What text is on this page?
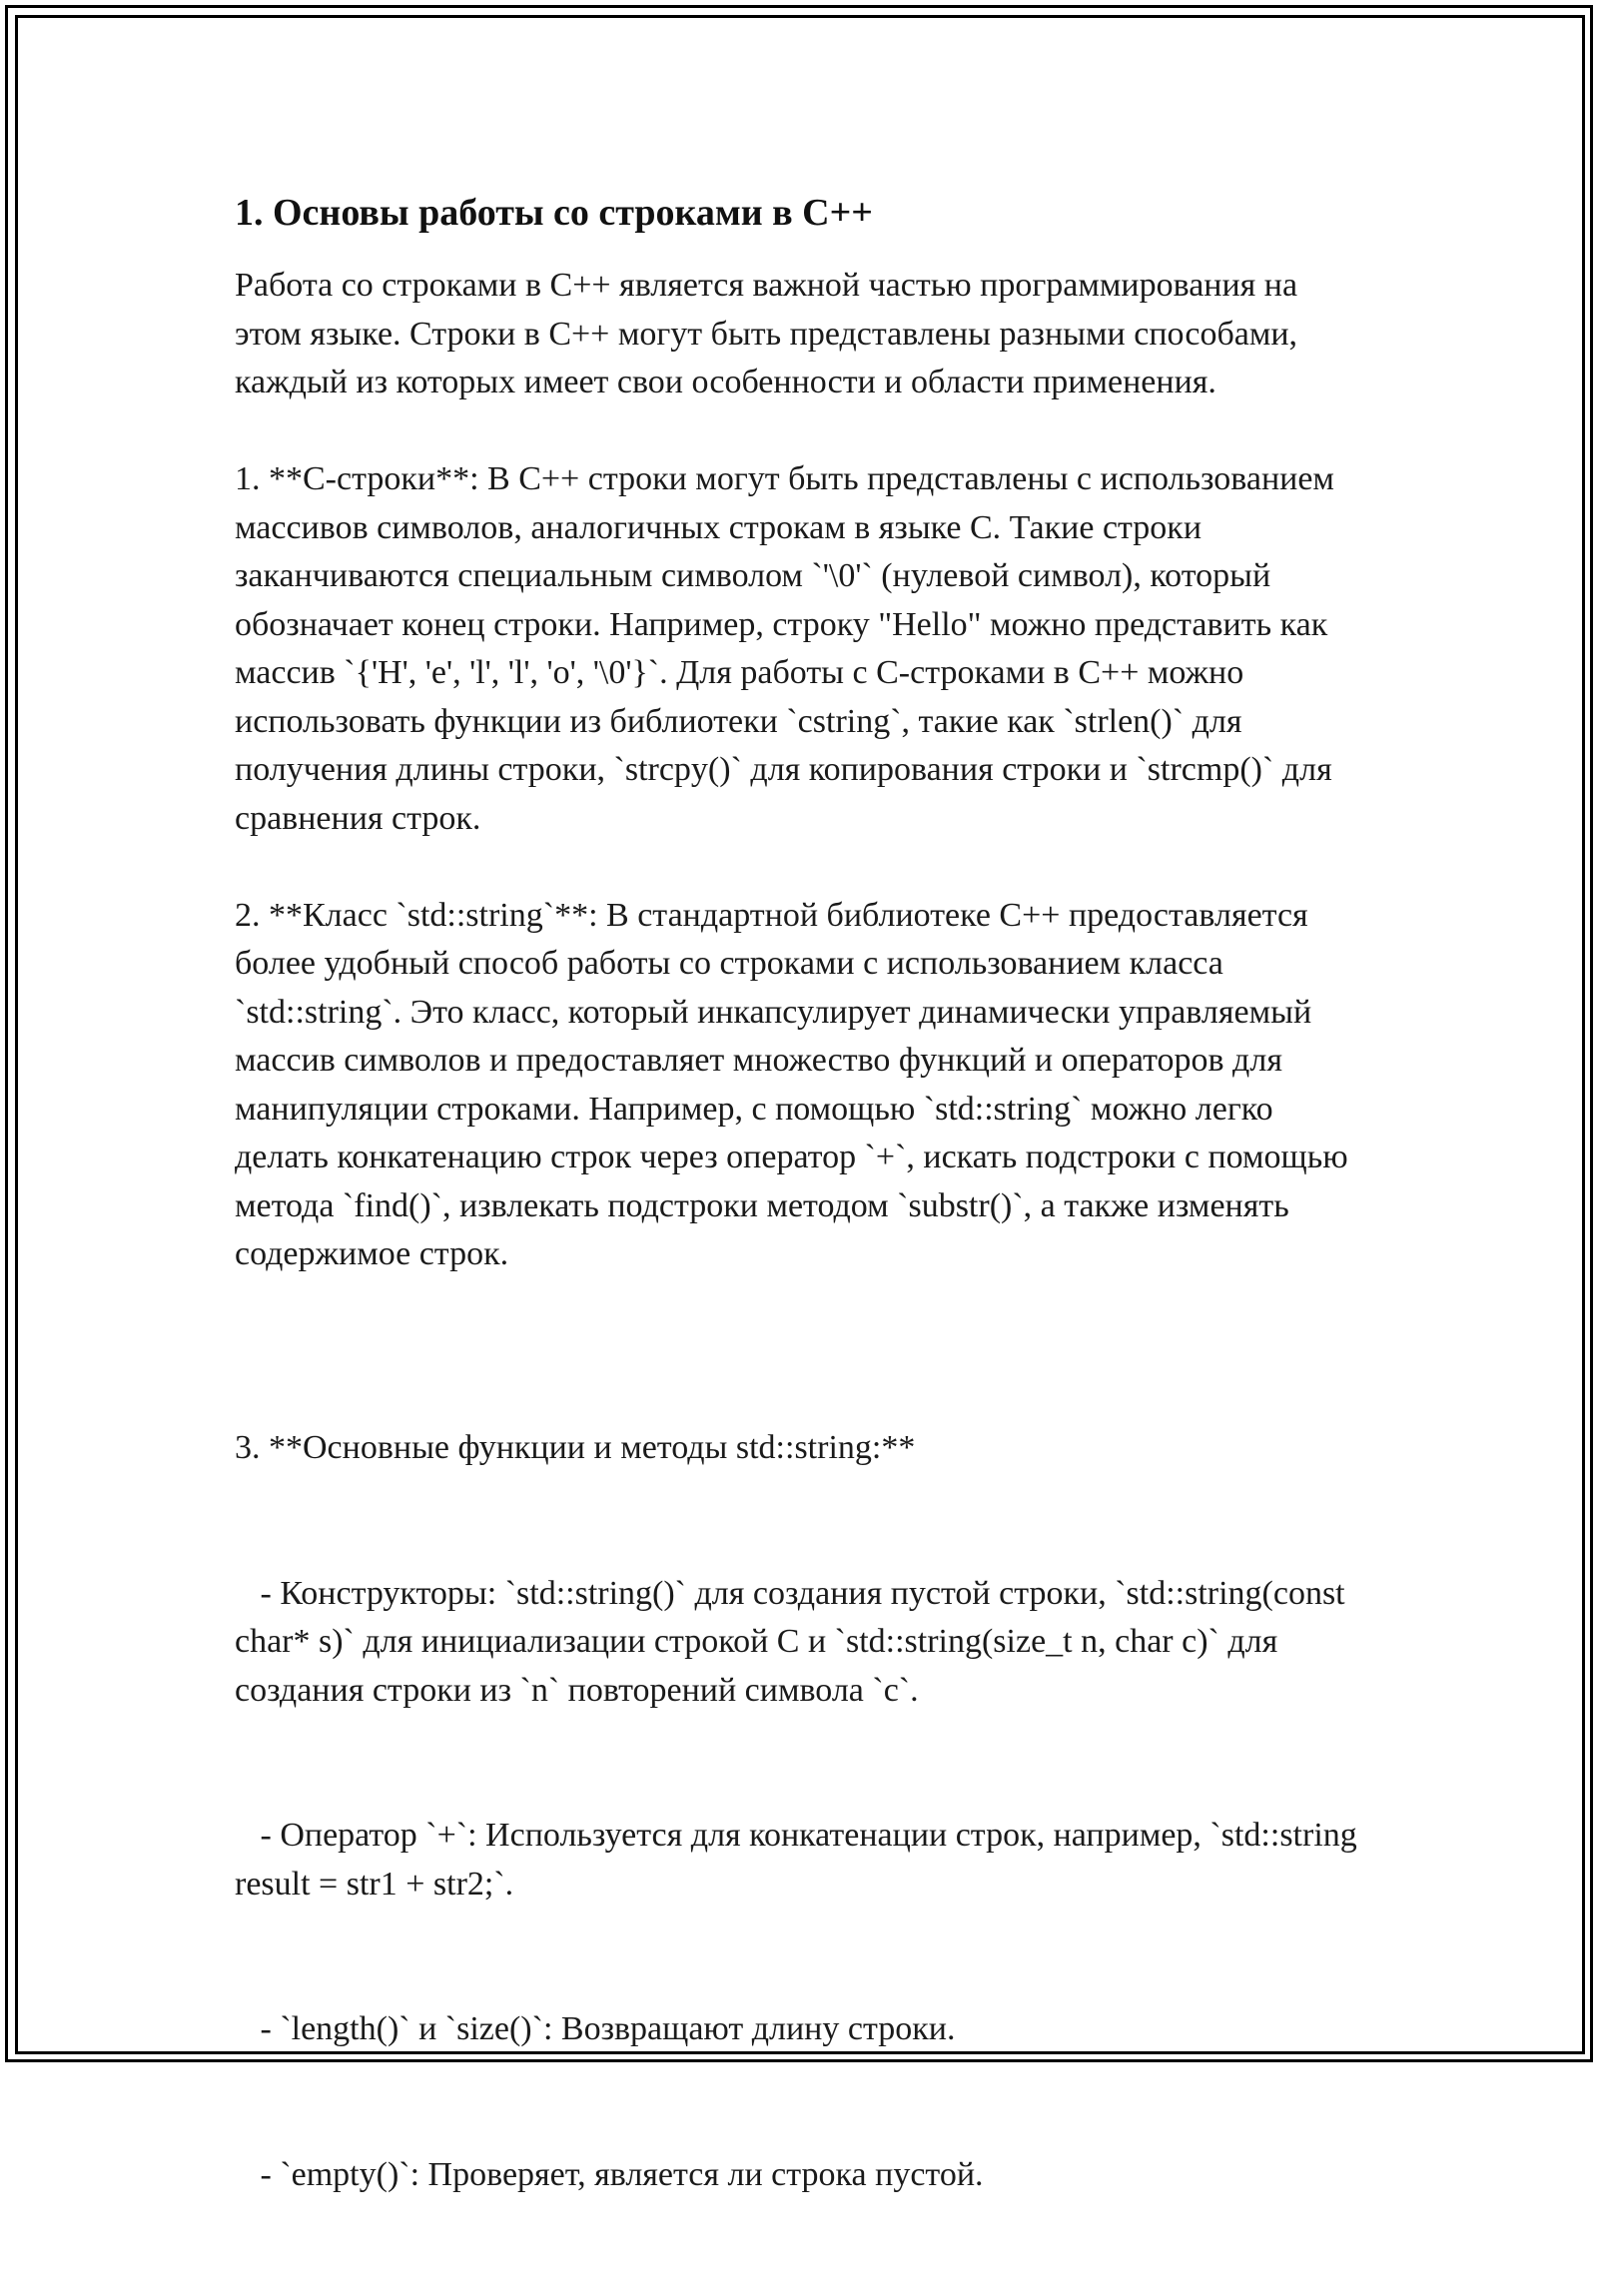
1. Основы работы со строками в C++

Работа со строками в C++ является важной частью программирования на этом языке. Строки в C++ могут быть представлены разными способами, каждый из которых имеет свои особенности и области применения.

1. **C-строки**: В C++ строки могут быть представлены с использованием массивов символов, аналогичных строкам в языке C. Такие строки заканчиваются специальным символом `'\0'` (нулевой символ), который обозначает конец строки. Например, строку "Hello" можно представить как массив `{'H', 'e', 'l', 'l', 'o', '\0'}`. Для работы с C-строками в C++ можно использовать функции из библиотеки `cstring`, такие как `strlen()` для получения длины строки, `strcpy()` для копирования строки и `strcmp()` для сравнения строк.

2. **Класс `std::string`**: В стандартной библиотеке C++ предоставляется более удобный способ работы со строками с использованием класса `std::string`. Это класс, который инкапсулирует динамически управляемый массив символов и предоставляет множество функций и операторов для манипуляции строками. Например, с помощью `std::string` можно легко делать конкатенацию строк через оператор `+`, искать подстроки с помощью метода `find()`, извлекать подстроки методом `substr()`, а также изменять содержимое строк.

3. **Основные функции и методы std::string:**

- Конструкторы: `std::string()` для создания пустой строки, `std::string(const char* s)` для инициализации строкой C и `std::string(size_t n, char c)` для создания строки из `n` повторений символа `c`.

- Оператор `+`: Используется для конкатенации строк, например, `std::string result = str1 + str2;`.

- `length()` и `size()`: Возвращают длину строки.

- `empty()`: Проверяет, является ли строка пустой.
